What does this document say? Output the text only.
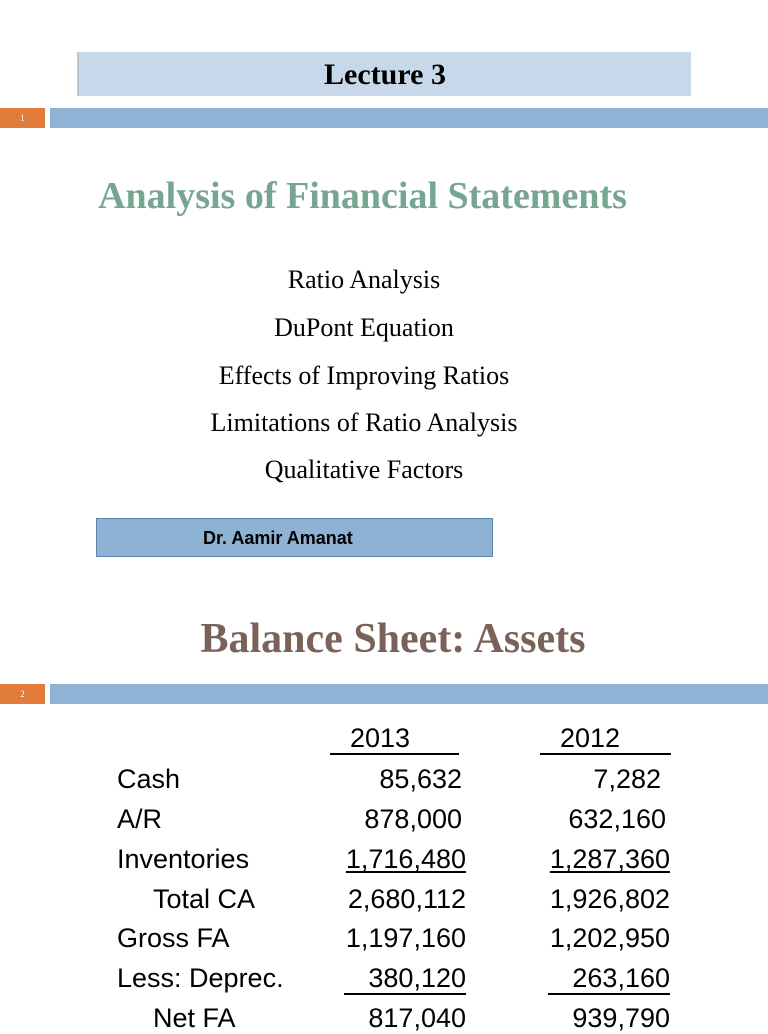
Lecture 3
1
Analysis of Financial Statements
Ratio Analysis
DuPont Equation
Effects of Improving Ratios
Limitations of Ratio Analysis
Qualitative Factors
Dr. Aamir Amanat
Balance Sheet: Assets
2
2013	2012
Cash	85,632	7,282
A/R	878,000	632,160
Inventories	1,716,480	1,287,360
Total CA	2,680,112	1,926,802
Gross FA	1,197,160	1,202,950
Less: Deprec.	380,120	263,160
Net FA	817,040	939,790
